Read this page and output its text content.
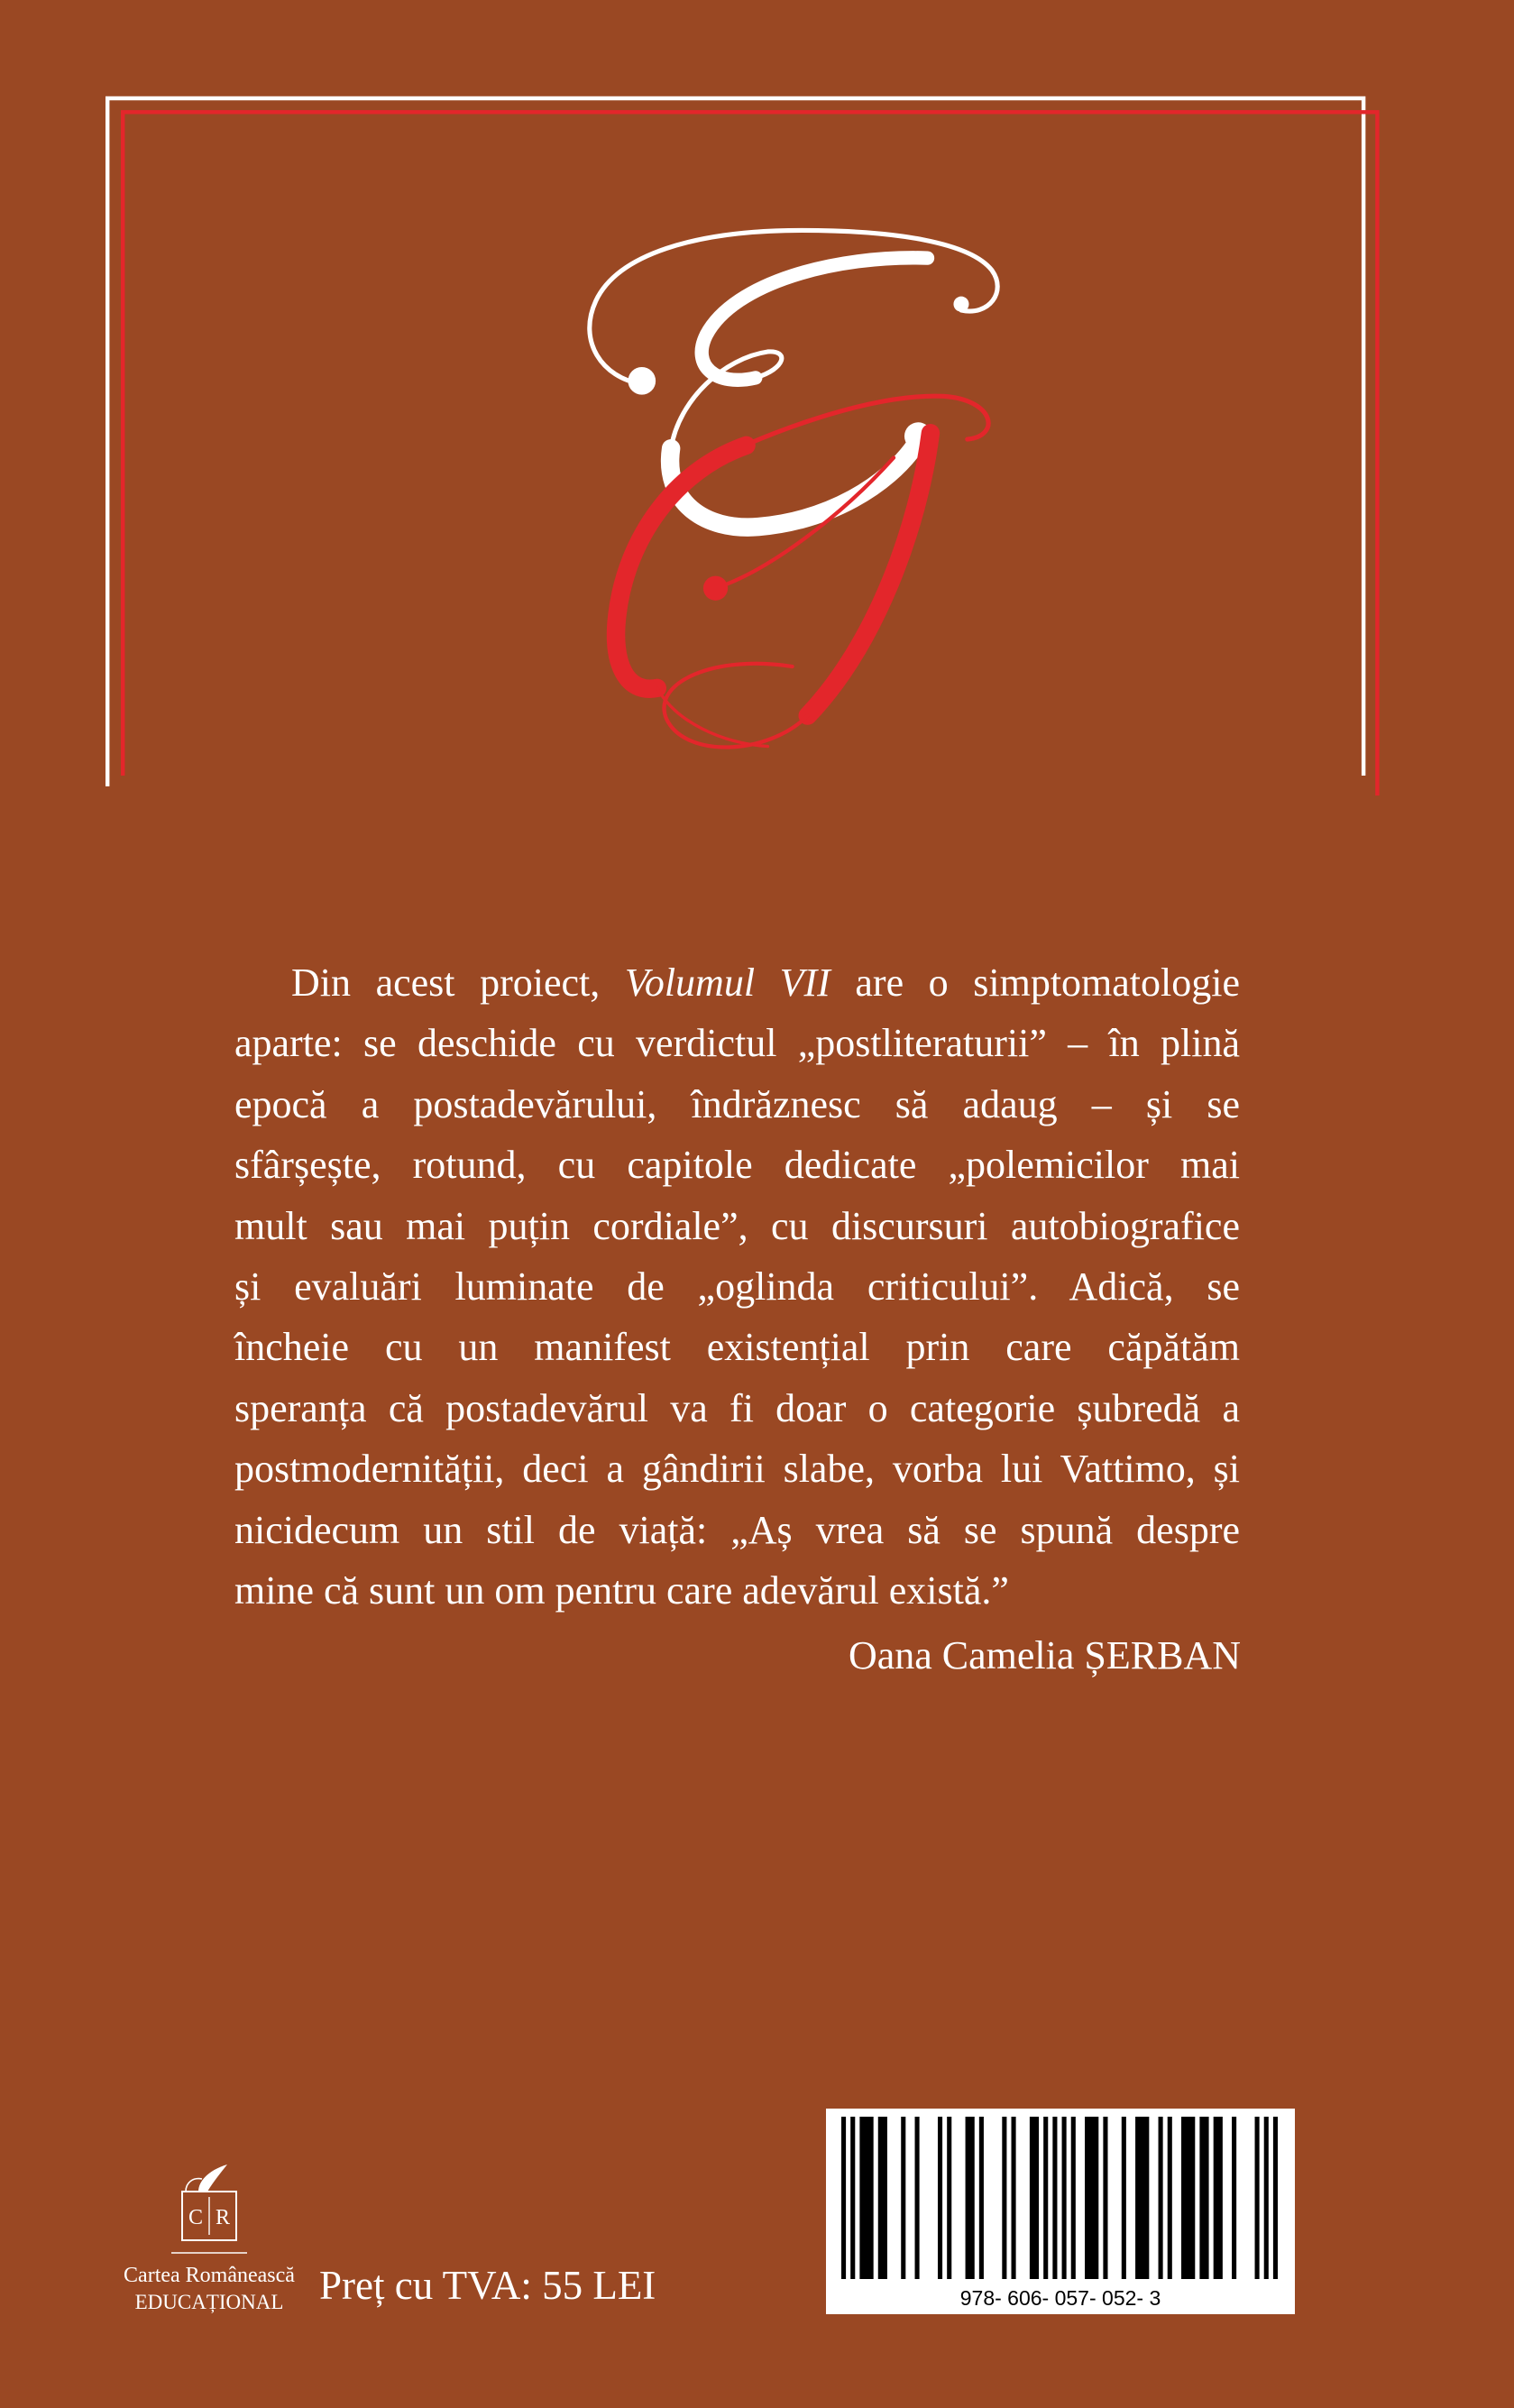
Din acest proiect, Volumul VII are o simptomatologie
aparte: se deschide cu verdictul „postliteraturii” – în plină
epocă a postadevărului, îndrăznesc să adaug – și se
sfârșește, rotund, cu capitole dedicate „polemicilor mai
mult sau mai puțin cordiale”, cu discursuri autobiografice
și evaluări luminate de „oglinda criticului”. Adică, se
încheie cu un manifest existențial prin care căpătăm
speranța că postadevărul va fi doar o categorie șubredă a
postmodernității, deci a gândirii slabe, vorba lui Vattimo, și
nicidecum un stil de viață: „Aș vrea să se spună despre
mine că sunt un om pentru care adevărul există.”
Oana Camelia ȘERBAN
C R
Cartea Românească
EDUCAȚIONAL Preț cu TVA: 55 LEI	978- 606- 057- 052- 3
